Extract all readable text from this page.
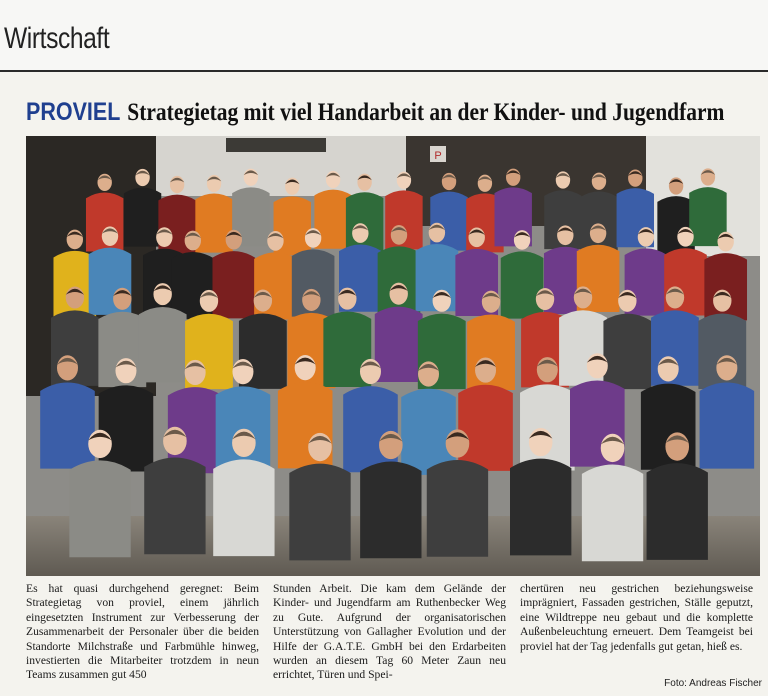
Wirtschaft
PROVIEL Strategietag mit viel Handarbeit an der Kinder- und Jugendfarm
P
Es hat quasi durchgehend geregnet: Beim Strategietag von proviel, einem jährlich eingesetzten Instrument zur Verbesserung der Zusammenarbeit der Personaler über die beiden Standorte Milchstraße und Farbmühle hinweg, investierten die Mitarbeiter trotzdem in neun Teams zusammen gut 450
Stunden Arbeit. Die kam dem Gelände der Kinder- und Jugendfarm am Ruthenbecker Weg zu Gute. Aufgrund der organisatorischen Unterstützung von Gallagher Evolution und der Hilfe der G.A.T.E. GmbH bei den Erdarbeiten wurden an diesem Tag 60 Meter Zaun neu errichtet, Türen und Spei-
chertüren neu gestrichen beziehungsweise imprägniert, Fassaden gestrichen, Ställe geputzt, eine Wildtreppe neu gebaut und die komplette Außenbeleuchtung erneuert. Dem Teamgeist bei proviel hat der Tag jedenfalls gut getan, hieß es.
Foto: Andreas Fischer
